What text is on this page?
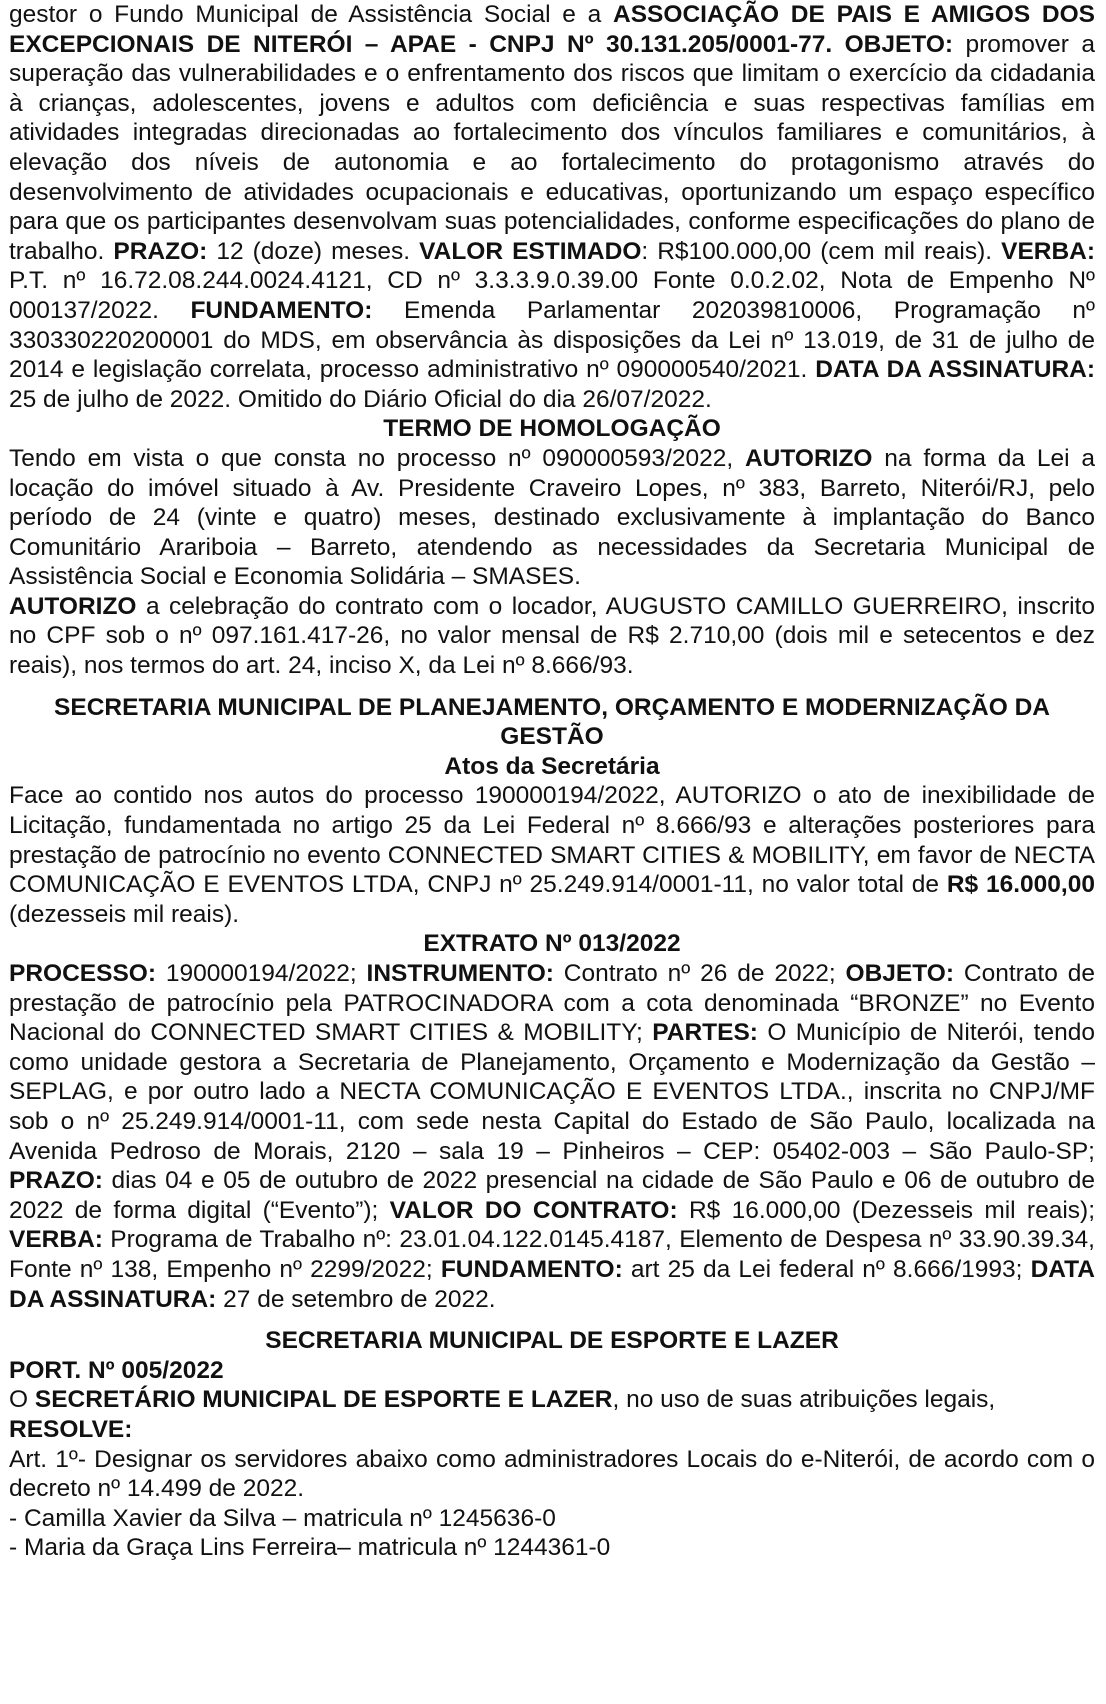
gestor o Fundo Municipal de Assistência Social e a ASSOCIAÇÃO DE PAIS E AMIGOS DOS EXCEPCIONAIS DE NITERÓI – APAE - CNPJ Nº 30.131.205/0001-77. OBJETO: promover a superação das vulnerabilidades e o enfrentamento dos riscos que limitam o exercício da cidadania à crianças, adolescentes, jovens e adultos com deficiência e suas respectivas famílias em atividades integradas direcionadas ao fortalecimento dos vínculos familiares e comunitários, à elevação dos níveis de autonomia e ao fortalecimento do protagonismo através do desenvolvimento de atividades ocupacionais e educativas, oportunizando um espaço específico para que os participantes desenvolvam suas potencialidades, conforme especificações do plano de trabalho. PRAZO: 12 (doze) meses. VALOR ESTIMADO: R$100.000,00 (cem mil reais). VERBA: P.T. nº 16.72.08.244.0024.4121, CD nº 3.3.3.9.0.39.00 Fonte 0.0.2.02, Nota de Empenho Nº 000137/2022. FUNDAMENTO: Emenda Parlamentar 202039810006, Programação nº 330330220200001 do MDS, em observância às disposições da Lei nº 13.019, de 31 de julho de 2014 e legislação correlata, processo administrativo nº 090000540/2021. DATA DA ASSINATURA: 25 de julho de 2022. Omitido do Diário Oficial do dia 26/07/2022.

TERMO DE HOMOLOGAÇÃO

Tendo em vista o que consta no processo nº 090000593/2022, AUTORIZO na forma da Lei a locação do imóvel situado à Av. Presidente Craveiro Lopes, nº 383, Barreto, Niterói/RJ, pelo período de 24 (vinte e quatro) meses, destinado exclusivamente à implantação do Banco Comunitário Arariboia – Barreto, atendendo as necessidades da Secretaria Municipal de Assistência Social e Economia Solidária – SMASES.

AUTORIZO a celebração do contrato com o locador, AUGUSTO CAMILLO GUERREIRO, inscrito no CPF sob o nº 097.161.417-26, no valor mensal de R$ 2.710,00 (dois mil e setecentos e dez reais), nos termos do art. 24, inciso X, da Lei nº 8.666/93.

SECRETARIA MUNICIPAL DE PLANEJAMENTO, ORÇAMENTO E MODERNIZAÇÃO DA GESTÃO

Atos da Secretária

Face ao contido nos autos do processo 190000194/2022, AUTORIZO o ato de inexibilidade de Licitação, fundamentada no artigo 25 da Lei Federal nº 8.666/93 e alterações posteriores para prestação de patrocínio no evento CONNECTED SMART CITIES & MOBILITY, em favor de NECTA COMUNICAÇÃO E EVENTOS LTDA, CNPJ nº 25.249.914/0001-11, no valor total de R$ 16.000,00 (dezesseis mil reais).

EXTRATO Nº 013/2022

PROCESSO: 190000194/2022; INSTRUMENTO: Contrato nº 26 de 2022; OBJETO: Contrato de prestação de patrocínio pela PATROCINADORA com a cota denominada “BRONZE” no Evento Nacional do CONNECTED SMART CITIES & MOBILITY; PARTES: O Município de Niterói, tendo como unidade gestora a Secretaria de Planejamento, Orçamento e Modernização da Gestão – SEPLAG, e por outro lado a NECTA COMUNICAÇÃO E EVENTOS LTDA., inscrita no CNPJ/MF sob o nº 25.249.914/0001-11, com sede nesta Capital do Estado de São Paulo, localizada na Avenida Pedroso de Morais, 2120 – sala 19 – Pinheiros – CEP: 05402-003 – São Paulo-SP; PRAZO: dias 04 e 05 de outubro de 2022 presencial na cidade de São Paulo e 06 de outubro de 2022 de forma digital (“Evento”); VALOR DO CONTRATO: R$ 16.000,00 (Dezesseis mil reais); VERBA: Programa de Trabalho nº: 23.01.04.122.0145.4187, Elemento de Despesa nº 33.90.39.34, Fonte nº 138, Empenho nº 2299/2022; FUNDAMENTO: art 25 da Lei federal nº 8.666/1993; DATA DA ASSINATURA: 27 de setembro de 2022.

SECRETARIA MUNICIPAL DE ESPORTE E LAZER

PORT. Nº 005/2022

O SECRETÁRIO MUNICIPAL DE ESPORTE E LAZER, no uso de suas atribuições legais,

RESOLVE:

Art. 1º- Designar os servidores abaixo como administradores Locais do e-Niterói, de acordo com o decreto nº 14.499 de 2022.

- Camilla Xavier da Silva – matricula nº 1245636-0

- Maria da Graça Lins Ferreira– matricula nº 1244361-0
